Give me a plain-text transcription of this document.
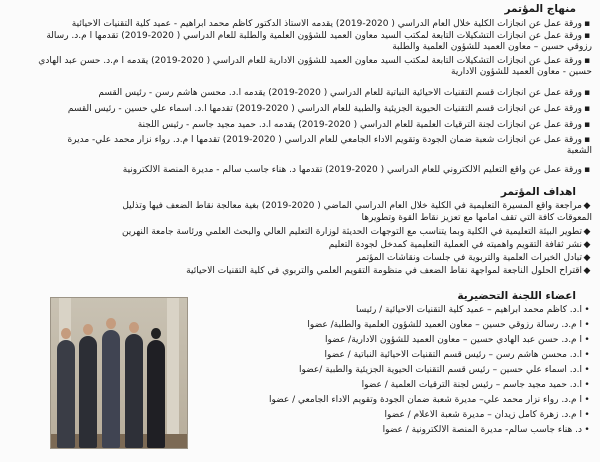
منهاج المؤتمر
▪ورقة عمل عن انجازات الكلية خلال العام الدراسي ( 2020-2019) يقدمه الاستاذ الدكتور كاظم محمد ابراهيم - عميد كلية التقنيات الاحيائية
▪ورقة عمل عن انجازات التشكيلات التابعة لمكتب السيد معاون العميد للشؤون العلمية والطلبة للعام الدراسي ( 2020-2019) تقدمها ا م.د. رسالة
رزوقي حسين – معاون العميد للشؤون العلمية والطلبة
▪ورقة عمل عن انجازات التشكيلات التابعة لمكتب السيد معاون العميد للشؤون الادارية للعام الدراسي ( 2020-2019) يقدمه ا م.د. حسن عبد الهادي
حسين - معاون العميد للشؤون الادارية
▪ورقة عمل عن انجازات قسم التقنيات الاحيائية النباتية للعام الدراسي ( 2020-2019) يقدمه ا.د. محسن هاشم رسن - رئيس القسم
▪ورقة عمل عن انجازات قسم التقنيات الحيوية الجزيئية والطبية للعام الدراسي ( 2020-2019) تقدمها ا.د. اسماء علي حسين - رئيس القسم
▪ورقة عمل عن انجازات لجنة الترقيات العلمية للعام الدراسي ( 2020-2019) يقدمه ا.د. حميد مجيد جاسم - رئيس اللجنة
▪ورقة عمل عن انجازات شعبة ضمان الجودة وتقويم الاداء الجامعي للعام الدراسي ( 2020-2019) تقدمها ا م.د. رواء نزار محمد علي- مديرة
الشعبة
▪ورقة عمل عن واقع التعليم الالكتروني للعام الدراسي ( 2020-2019) تقدمها د. هناء جاسب سالم - مديرة المنصة الالكترونية
اهداف المؤتمر
◆مراجعة واقع المسيرة التعليمية في الكلية خلال العام الدراسي الماضي ( 2020-2019) بغية معالجة نقاط الضعف فيها وتذليل
المعوقات كافة التي تقف امامها مع تعزيز نقاط القوة وتطويرها
◆تطوير البيئة التعليمية في الكلية وبما يتناسب مع التوجهات الحديثة لوزارة التعليم العالي والبحث العلمي ورئاسة جامعة النهرين
◆نشر ثقافة التقويم واهميته في العملية التعليمية كمدخل لجودة التعليم
◆تبادل الخبرات العلمية والتربوية في جلسات ونقاشات المؤتمر
◆اقتراح الحلول الناجعة لمواجهة نقاط الضعف في منظومة التقويم العلمي والتربوي في كلية التقنيات الاحيائية
اعضاء اللجنة التحضيرية
•ا.د. كاظم محمد ابراهيم – عميد كلية التقنيات الاحيائية / رئيسا
•ا م.د. رسالة رزوقي حسين – معاون العميد للشؤون العلمية والطلبة/ عضوا
•ا م.د. حسن عبد الهادي حسين – معاون العميد للشؤون الادارية/ عضوا
•ا.د. محسن هاشم رسن – رئيس قسم التقنيات الاحيائية النباتية / عضوا
•ا.د. اسماء علي حسين – رئيس قسم التقنيات الحيوية الجزيئية والطبية /عضوا
•ا.د. حميد مجيد جاسم – رئيس لجنة الترقيات العلمية / عضوا
•ا م.د. رواء نزار محمد علي– مديرة شعبة ضمان الجودة وتقويم الاداء الجامعي / عضوا
•ا م.د. زهرة كامل زيدان – مديرة شعبة الاعلام / عضوا
•د. هناء جاسب سالم- مديرة المنصة الالكترونية / عضوا
